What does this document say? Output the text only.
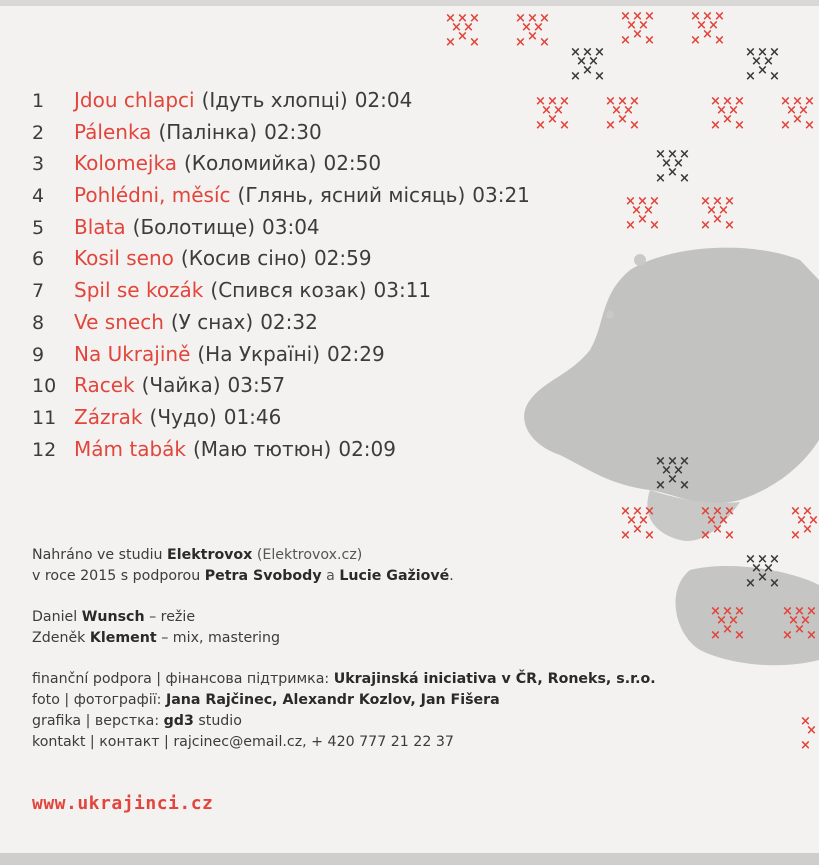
× × ×
× ×
×
× ×
× × ×
× ×
×
× ×
× × ×
× ×
×
× ×
× × ×
× ×
×
× ×
× × ×
× ×
×
× ×
× × ×
× ×
×
× ×
× × ×
× ×
×
× ×
× × ×
× ×
×
× ×
× × ×
× ×
×
× ×
× × ×
× ×
×
× ×
× × ×
× ×
×
× ×
× × ×
× ×
×
× ×
× × ×
× ×
×
× ×
× × ×
× ×
×
× ×
× × ×
× ×
×
× ×
× × ×
× ×
×
× ×
× ×
× ×
×
×
× × ×
× ×
×
× ×
× × ×
× ×
×
× ×
× × ×
× ×
×
× ×
×
×
×
1	Jdou chlapci (Ідуть хлопці) 02:04
2	Pálenka (Палінка) 02:30
3	Kolomejka (Коломийка) 02:50
4	Pohlédni, měsíc (Глянь, ясний місяць) 03:21
5	Blata (Болотище) 03:04
6	Kosil seno (Косив сіно) 02:59
7	Spil se kozák (Спився козак) 03:11
8	Ve snech (У снах) 02:32
9	Na Ukrajině (На Україні) 02:29
10 Racek (Чайка) 03:57
11 Zázrak (Чудо) 01:46
12 Mám tabák (Маю тютюн) 02:09
Nahráno ve studiu Elektrovox (Elektrovox.cz)
v roce 2015 s podporou Petra Svobody a Lucie Gažiové.
Daniel Wunsch – režie
Zdeněk Klement – mix, mastering
finanční podpora | фінансова підтримка: Ukrajinská iniciativa v ČR, Roneks, s.r.o.
foto | фотографії: Jana Rajčinec, Alexandr Kozlov, Jan Fišera
grafika | верстка: gd3 studio
kontakt | контакт | rajcinec@email.cz, + 420 777 21 22 37
www.ukrajinci.cz
